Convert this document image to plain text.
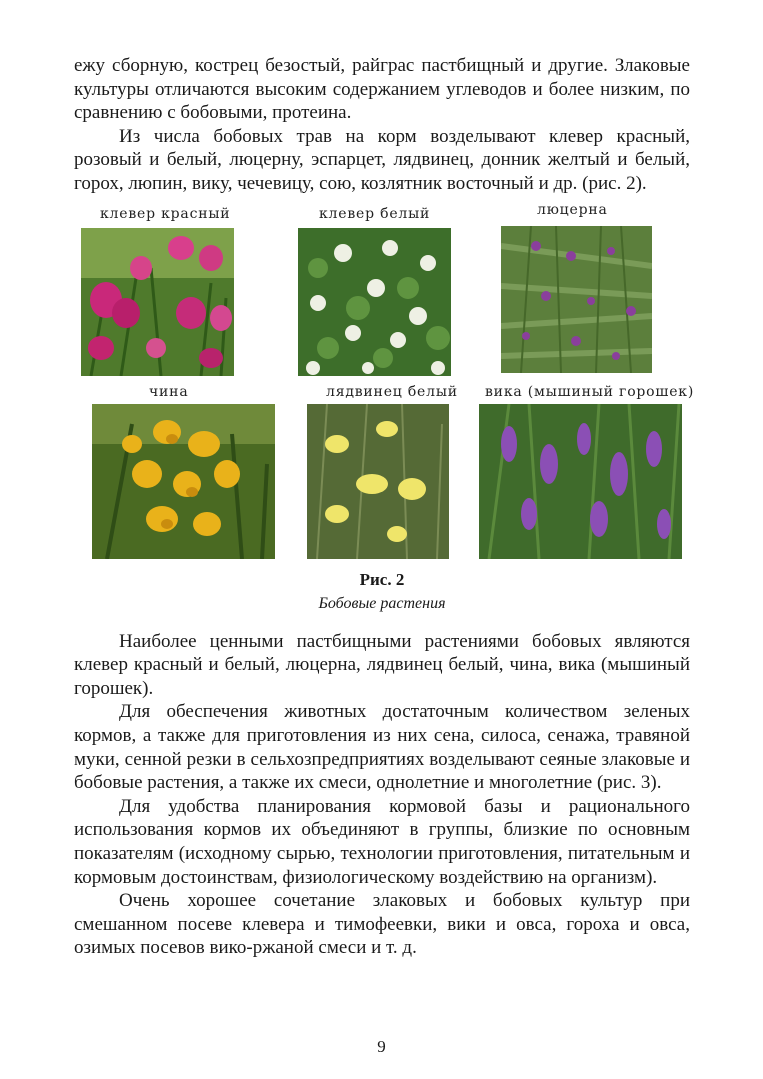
ежу сборную, кострец безостый, райграс пастбищный и другие. Злаковые культуры отличаются высоким содержанием углеводов и более низким, по сравнению с бобовыми, протеина.

Из числа бобовых трав на корм возделывают клевер красный, розовый и белый, люцерну, эспарцет, лядвинец, донник желтый и белый, горох, люпин, вику, чечевицу, сою, козлятник восточный и др. (рис. 2).

клевер красный	клевер белый	люцерна
чина	лядвинец белый вика (мышиный горошек)

Рис. 2

Бобовые растения

Наиболее ценными пастбищными растениями бобовых являются клевер красный и белый, люцерна, лядвинец белый, чина, вика (мышиный горошек).

Для обеспечения животных достаточным количеством зеленых кормов, а также для приготовления из них сена, силоса, сенажа, травяной муки, сенной резки в сельхозпредприятиях возделывают сеяные злаковые и бобовые растения, а также их смеси, однолетние и многолетние (рис. 3).

Для удобства планирования кормовой базы и рационального использования кормов их объединяют в группы, близкие по основным показателям (исходному сырью, технологии приготовления, питательным и кормовым достоинствам, физиологическому воздействию на организм).

Очень хорошее сочетание злаковых и бобовых культур при смешанном посеве клевера и тимофеевки, вики и овса, гороха и овса, озимых посевов вико-ржаной смеси и т. д.

9
